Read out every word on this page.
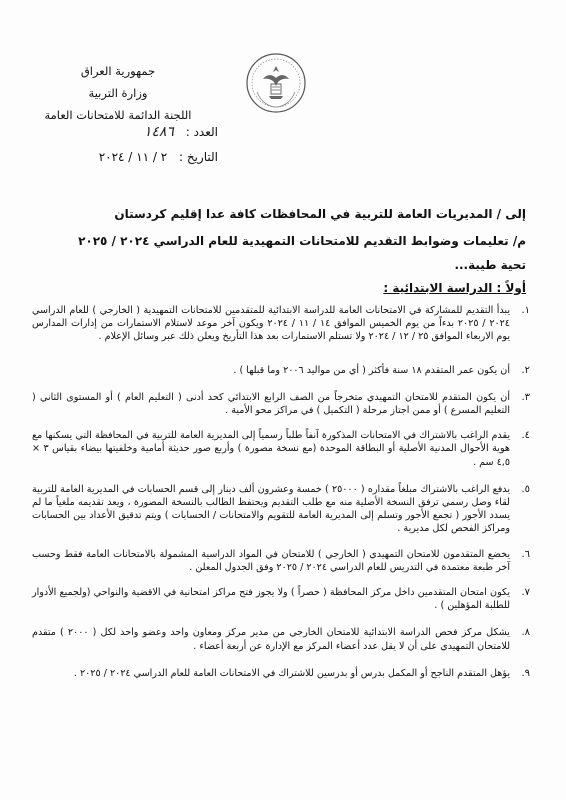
جمهورية العراق
وزارة التربية
اللجنة الدائمة للامتحانات العامة
العدد : ١٤٨٦
التاريخ : ٢ / ١١ / ٢٠٢٤
إلى / المديريات العامة للتربية في المحافظات كافة عدا إقليم كردستان
م/ تعليمات وضوابط التقديم للامتحانات التمهيدية للعام الدراسي ٢٠٢٤ / ٢٠٢٥
تحية طيبة...
أولاً : الدراسة الابتدائية :
١.
يبدأ التقديم للمشاركة في الامتحانات العامة للدراسة الابتدائية للمتقدمين للامتحانات التمهيدية ( الخارجي ) للعام الدراسي ٢٠٢٤ / ٢٠٢٥ بدءاً من يوم الخميس الموافق ١٤ / ١١ / ٢٠٢٤ ويكون آخر موعد لاستلام الاستمارات من إدارات المدارس يوم الاربعاء الموافق ٢٥ / ١٢ / ٢٠٢٤ ولا تستلم الاستمارات بعد هذا التأريخ ويعلن ذلك عبر وسائل الإعلام .
٢.
أن يكون عمر المتقدم ١٨ سنة فأكثر ( أي من مواليد ٢٠٠٦ وما قبلها ) .
٣.
أن يكون المتقدم للامتحان التمهيدي متخرجاً من الصف الرابع الابتدائي كحد أدنى ( التعليم العام ) أو المستوى الثاني ( التعليم المسرع ) أو ممن اجتاز مرحلة ( التكميل ) في مراكز محو الأمية .
٤.
يقدم الراغب بالاشتراك في الامتحانات المذكورة آنفاً طلباً رسمياً إلى المديرية العامة للتربية في المحافظة التي يسكنها مع هوية الأحوال المدنية الأصلية أو البطاقة الموحدة (مع نسخة مصورة ) وأربع صور حديثة أمامية وخلفيتها بيضاء بقياس ٣ × ٤,٥ سم .
٥.
يدفع الراغب بالاشتراك مبلغاً مقداره ( ٢٥٠٠٠ ) خمسة وعشرون ألف دينار إلى قسم الحسابات في المديرية العامة للتربية لقاء وصل رسمي ترفق النسخة الأصلية منه مع طلب التقديم ويحتفظ الطالب بالنسخة المصورة ، ويعد تقديمه ملغياً ما لم يسدد الأجور ( تجمع الأجور وتسلم إلى المديرية العامة للتقويم والامتحانات / الحسابات ) ويتم تدقيق الأعداد بين الحسابات ومراكز الفحص لكل مديرية .
٦.
يخضع المتقدمون للامتحان التمهيدي ( الخارجي ) للامتحان في المواد الدراسية المشمولة بالامتحانات العامة فقط وحسب آخر طبعة معتمدة في التدريس للعام الدراسي ٢٠٢٤ / ٢٠٢٥ وفق الجدول المعلن .
٧.
يكون امتحان المتقدمين داخل مركز المحافظة ( حصراً ) ولا يجوز فتح مراكز امتحانية في الاقضية والنواحي (ولجميع الأدوار للطلبة المؤهلين ) .
٨.
يشكل مركز فحص الدراسة الابتدائية للامتحان الخارجي من مدير مركز ومعاون واحد وعضو واحد لكل ( ٢٠٠٠ ) متقدم للامتحان التمهيدي على أن لا يقل عدد أعضاء المركز مع الإدارة عن أربعة أعضاء .
٩.
يؤهل المتقدم الناجح أو المكمل بدرس أو بدرسين للاشتراك في الامتحانات العامة للعام الدراسي ٢٠٢٤ / ٢٠٢٥ .
